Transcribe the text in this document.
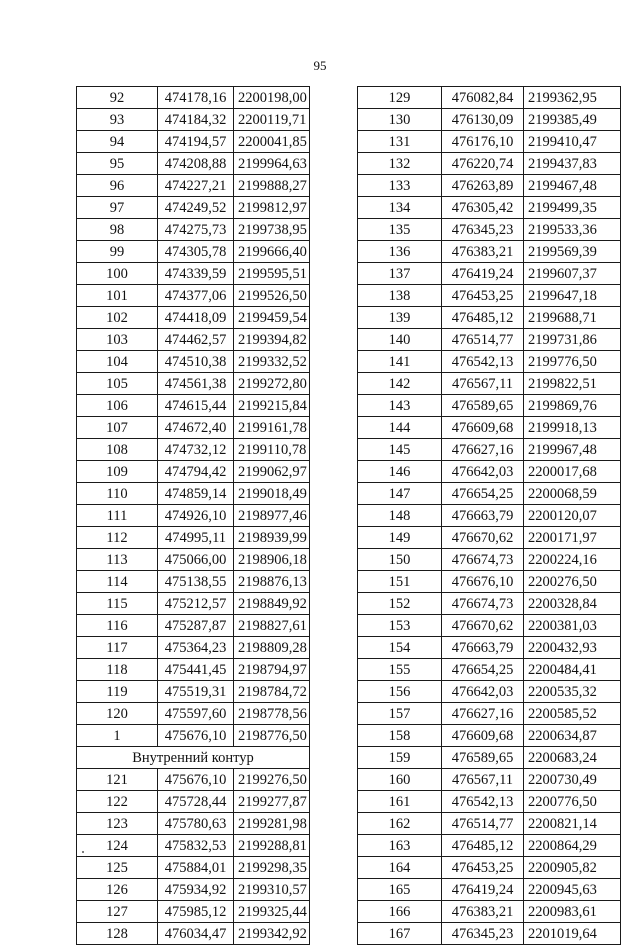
95
92	474178,16	2200198,00
93	474184,32	2200119,71
94	474194,57	2200041,85
95	474208,88	2199964,63
96	474227,21	2199888,27
97	474249,52	2199812,97
98	474275,73	2199738,95
99	474305,78	2199666,40
100	474339,59	2199595,51
101	474377,06	2199526,50
102	474418,09	2199459,54
103	474462,57	2199394,82
104	474510,38	2199332,52
105	474561,38	2199272,80
106	474615,44	2199215,84
107	474672,40	2199161,78
108	474732,12	2199110,78
109	474794,42	2199062,97
110	474859,14	2199018,49
111	474926,10	2198977,46
112	474995,11	2198939,99
113	475066,00	2198906,18
114	475138,55	2198876,13
115	475212,57	2198849,92
116	475287,87	2198827,61
117	475364,23	2198809,28
118	475441,45	2198794,97
119	475519,31	2198784,72
120	475597,60	2198778,56
1	475676,10	2198776,50
Внутренний контур		
121	475676,10	2199276,50
122	475728,44	2199277,87
123	475780,63	2199281,98
124	475832,53	2199288,81
125	475884,01	2199298,35
126	475934,92	2199310,57
127	475985,12	2199325,44
128	476034,47	2199342,92
129	476082,84	2199362,95
130	476130,09	2199385,49
131	476176,10	2199410,47
132	476220,74	2199437,83
133	476263,89	2199467,48
134	476305,42	2199499,35
135	476345,23	2199533,36
136	476383,21	2199569,39
137	476419,24	2199607,37
138	476453,25	2199647,18
139	476485,12	2199688,71
140	476514,77	2199731,86
141	476542,13	2199776,50
142	476567,11	2199822,51
143	476589,65	2199869,76
144	476609,68	2199918,13
145	476627,16	2199967,48
146	476642,03	2200017,68
147	476654,25	2200068,59
148	476663,79	2200120,07
149	476670,62	2200171,97
150	476674,73	2200224,16
151	476676,10	2200276,50
152	476674,73	2200328,84
153	476670,62	2200381,03
154	476663,79	2200432,93
155	476654,25	2200484,41
156	476642,03	2200535,32
157	476627,16	2200585,52
158	476609,68	2200634,87
159	476589,65	2200683,24
160	476567,11	2200730,49
161	476542,13	2200776,50
162	476514,77	2200821,14
163	476485,12	2200864,29
164	476453,25	2200905,82
165	476419,24	2200945,63
166	476383,21	2200983,61
167	476345,23	2201019,64
